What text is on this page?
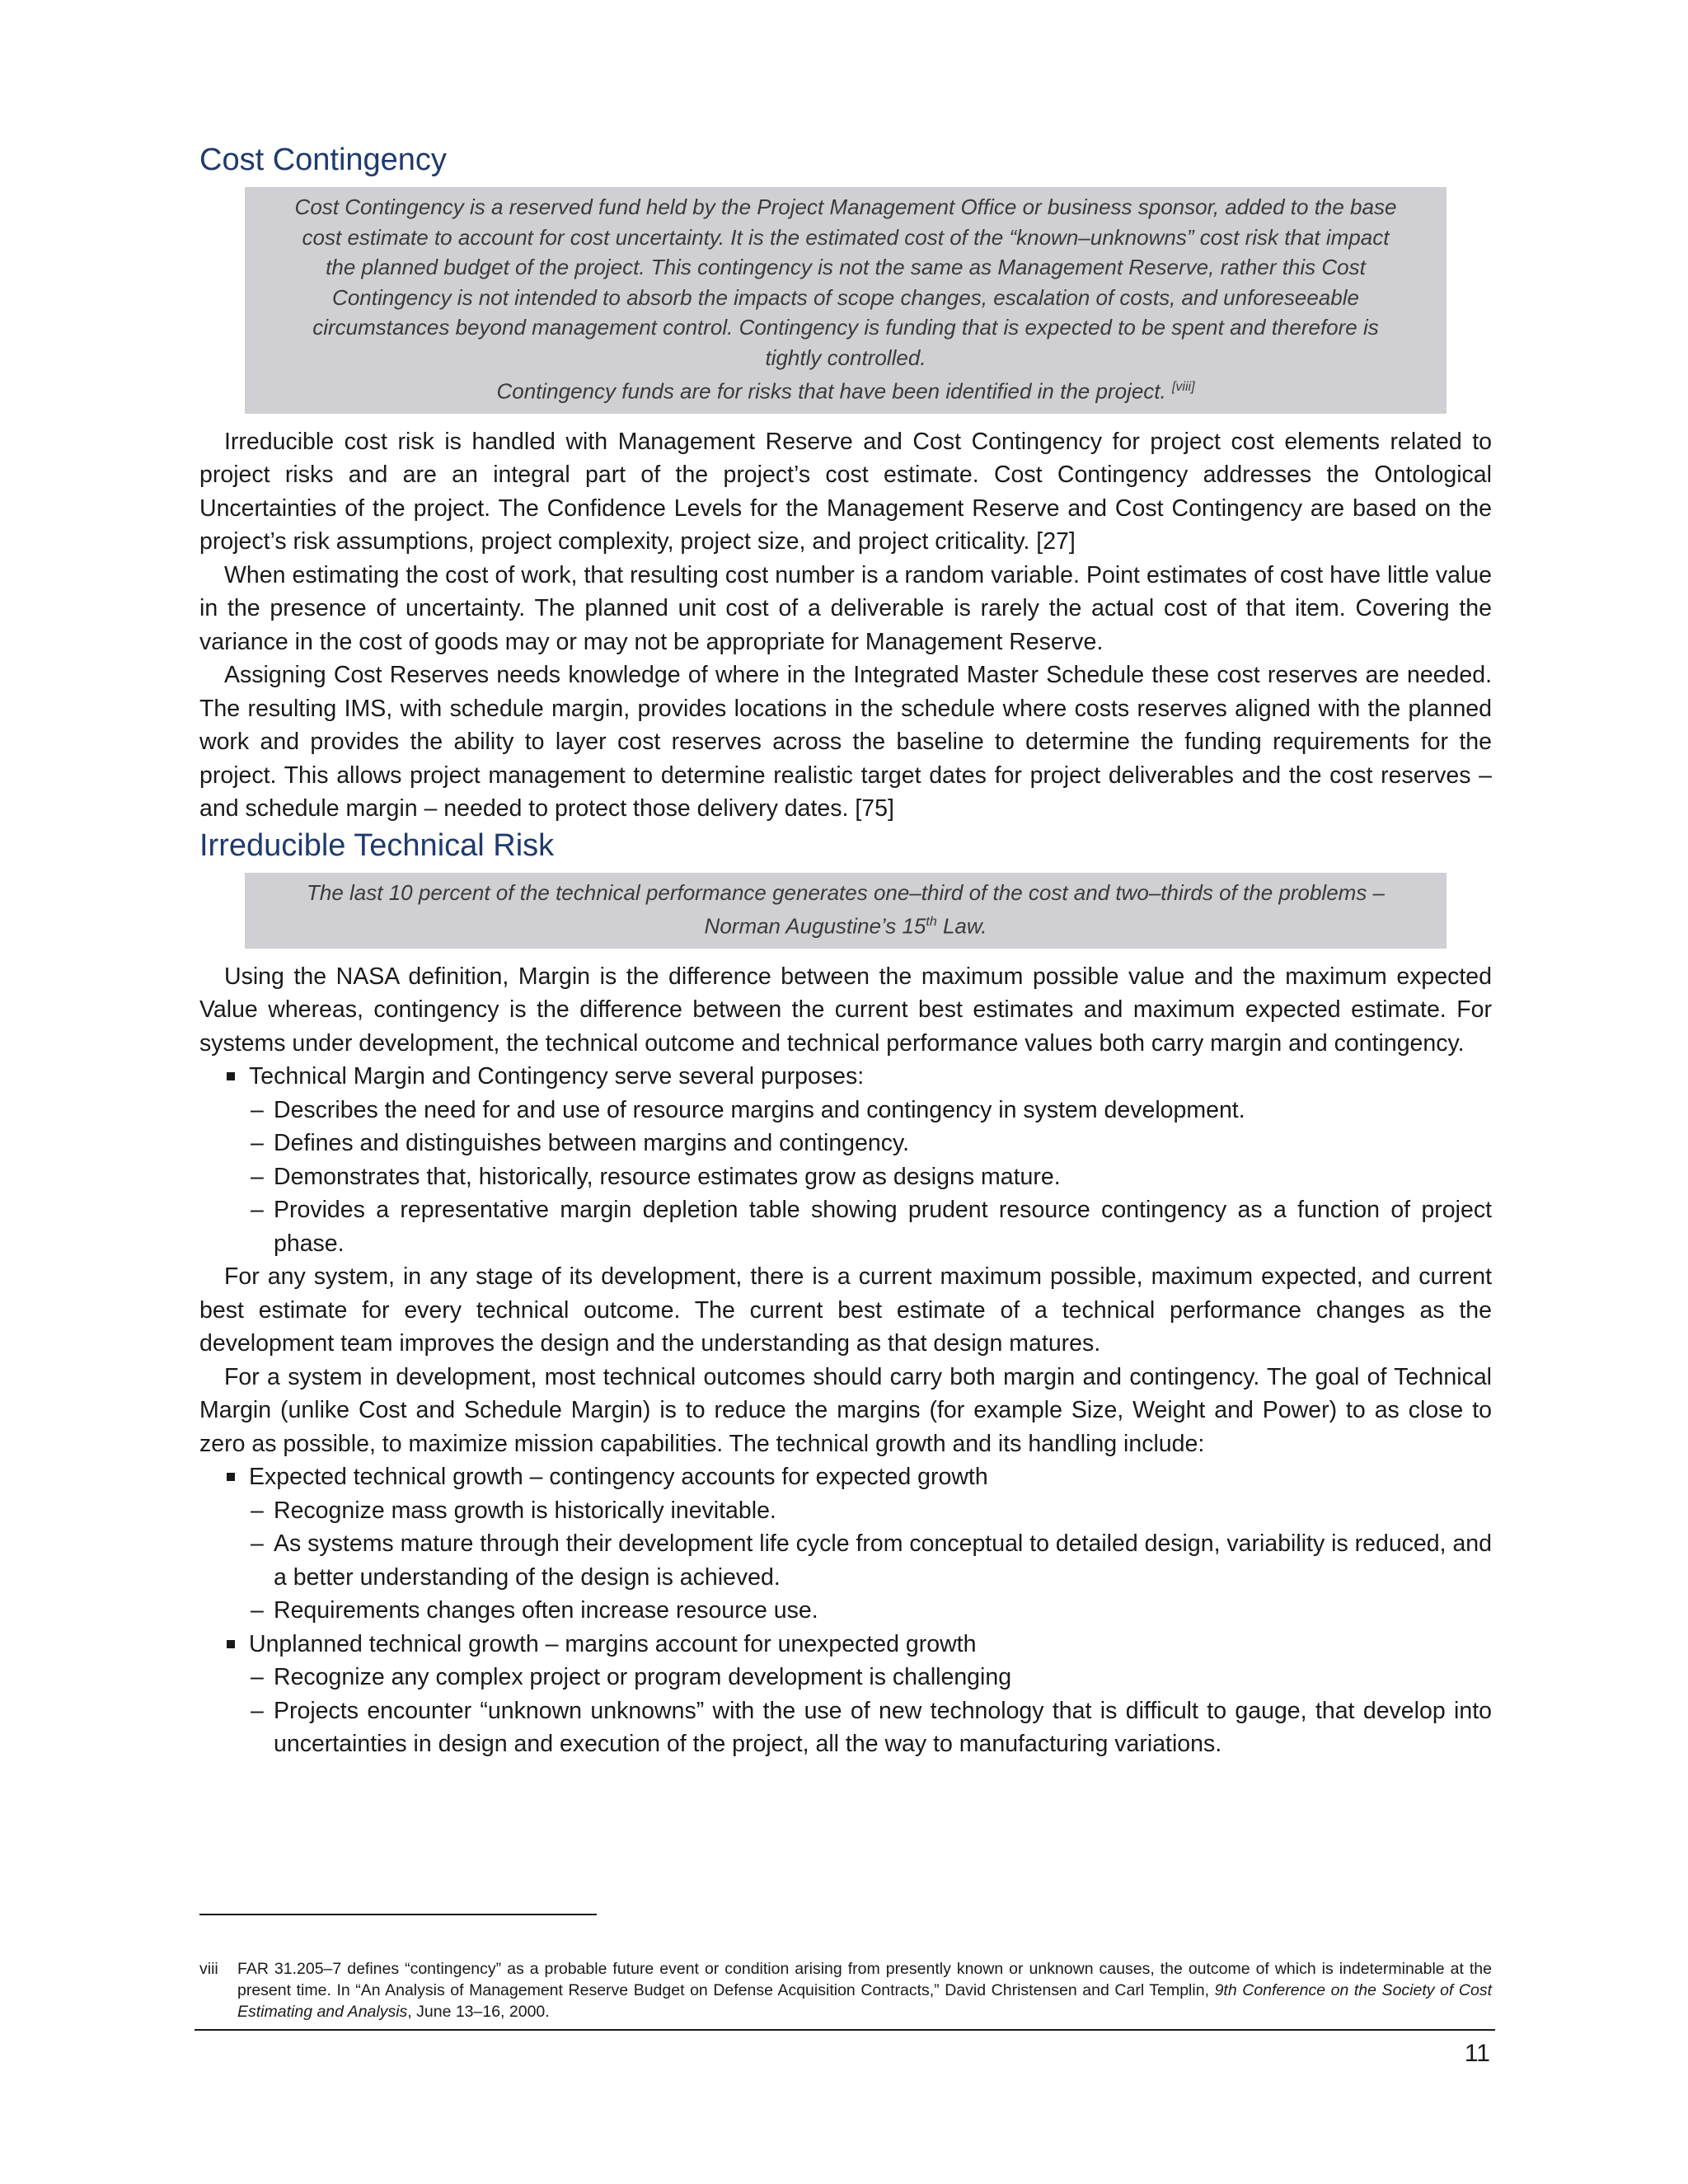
Cost Contingency
Cost Contingency is a reserved fund held by the Project Management Office or business sponsor, added to the base
cost estimate to account for cost uncertainty. It is the estimated cost of the “known–unknowns” cost risk that impact
the planned budget of the project. This contingency is not the same as Management Reserve, rather this Cost
Contingency is not intended to absorb the impacts of scope changes, escalation of costs, and unforeseeable
circumstances beyond management control. Contingency is funding that is expected to be spent and therefore is
tightly controlled.
Contingency funds are for risks that have been identified in the project. [viii]

Irreducible cost risk is handled with Management Reserve and Cost Contingency for project cost elements related to project risks and are an integral part of the project’s cost estimate. Cost Contingency addresses the Ontological Uncertainties of the project. The Confidence Levels for the Management Reserve and Cost Contingency are based on the project’s risk assumptions, project complexity, project size, and project criticality. [27]

When estimating the cost of work, that resulting cost number is a random variable. Point estimates of cost have little value in the presence of uncertainty. The planned unit cost of a deliverable is rarely the actual cost of that item. Covering the variance in the cost of goods may or may not be appropriate for Management Reserve.

Assigning Cost Reserves needs knowledge of where in the Integrated Master Schedule these cost reserves are needed. The resulting IMS, with schedule margin, provides locations in the schedule where costs reserves aligned with the planned work and provides the ability to layer cost reserves across the baseline to determine the funding requirements for the project. This allows project management to determine realistic target dates for project deliverables and the cost reserves – and schedule margin – needed to protect those delivery dates. [75]

Irreducible Technical Risk
The last 10 percent of the technical performance generates one–third of the cost and two–thirds of the problems –
Norman Augustine’s 15th Law.

Using the NASA definition, Margin is the difference between the maximum possible value and the maximum expected Value whereas, contingency is the difference between the current best estimates and maximum expected estimate. For systems under development, the technical outcome and technical performance values both carry margin and contingency.

Technical Margin and Contingency serve several purposes:
– Describes the need for and use of resource margins and contingency in system development.
– Defines and distinguishes between margins and contingency.
– Demonstrates that, historically, resource estimates grow as designs mature.
– Provides a representative margin depletion table showing prudent resource contingency as a function of project phase.

For any system, in any stage of its development, there is a current maximum possible, maximum expected, and current best estimate for every technical outcome. The current best estimate of a technical performance changes as the development team improves the design and the understanding as that design matures.

For a system in development, most technical outcomes should carry both margin and contingency. The goal of Technical Margin (unlike Cost and Schedule Margin) is to reduce the margins (for example Size, Weight and Power) to as close to zero as possible, to maximize mission capabilities. The technical growth and its handling include:

Expected technical growth – contingency accounts for expected growth
– Recognize mass growth is historically inevitable.
– As systems mature through their development life cycle from conceptual to detailed design, variability is reduced, and a better understanding of the design is achieved.
– Requirements changes often increase resource use.
Unplanned technical growth – margins account for unexpected growth
– Recognize any complex project or program development is challenging
– Projects encounter “unknown unknowns” with the use of new technology that is difficult to gauge, that develop into uncertainties in design and execution of the project, all the way to manufacturing variations.
viii	FAR 31.205–7 defines “contingency” as a probable future event or condition arising from presently known or unknown causes, the outcome of which is indeterminable at the present time. In “An Analysis of Management Reserve Budget on Defense Acquisition Contracts,” David Christensen and Carl Templin, 9th Conference on the Society of Cost Estimating and Analysis, June 13–16, 2000.
11
